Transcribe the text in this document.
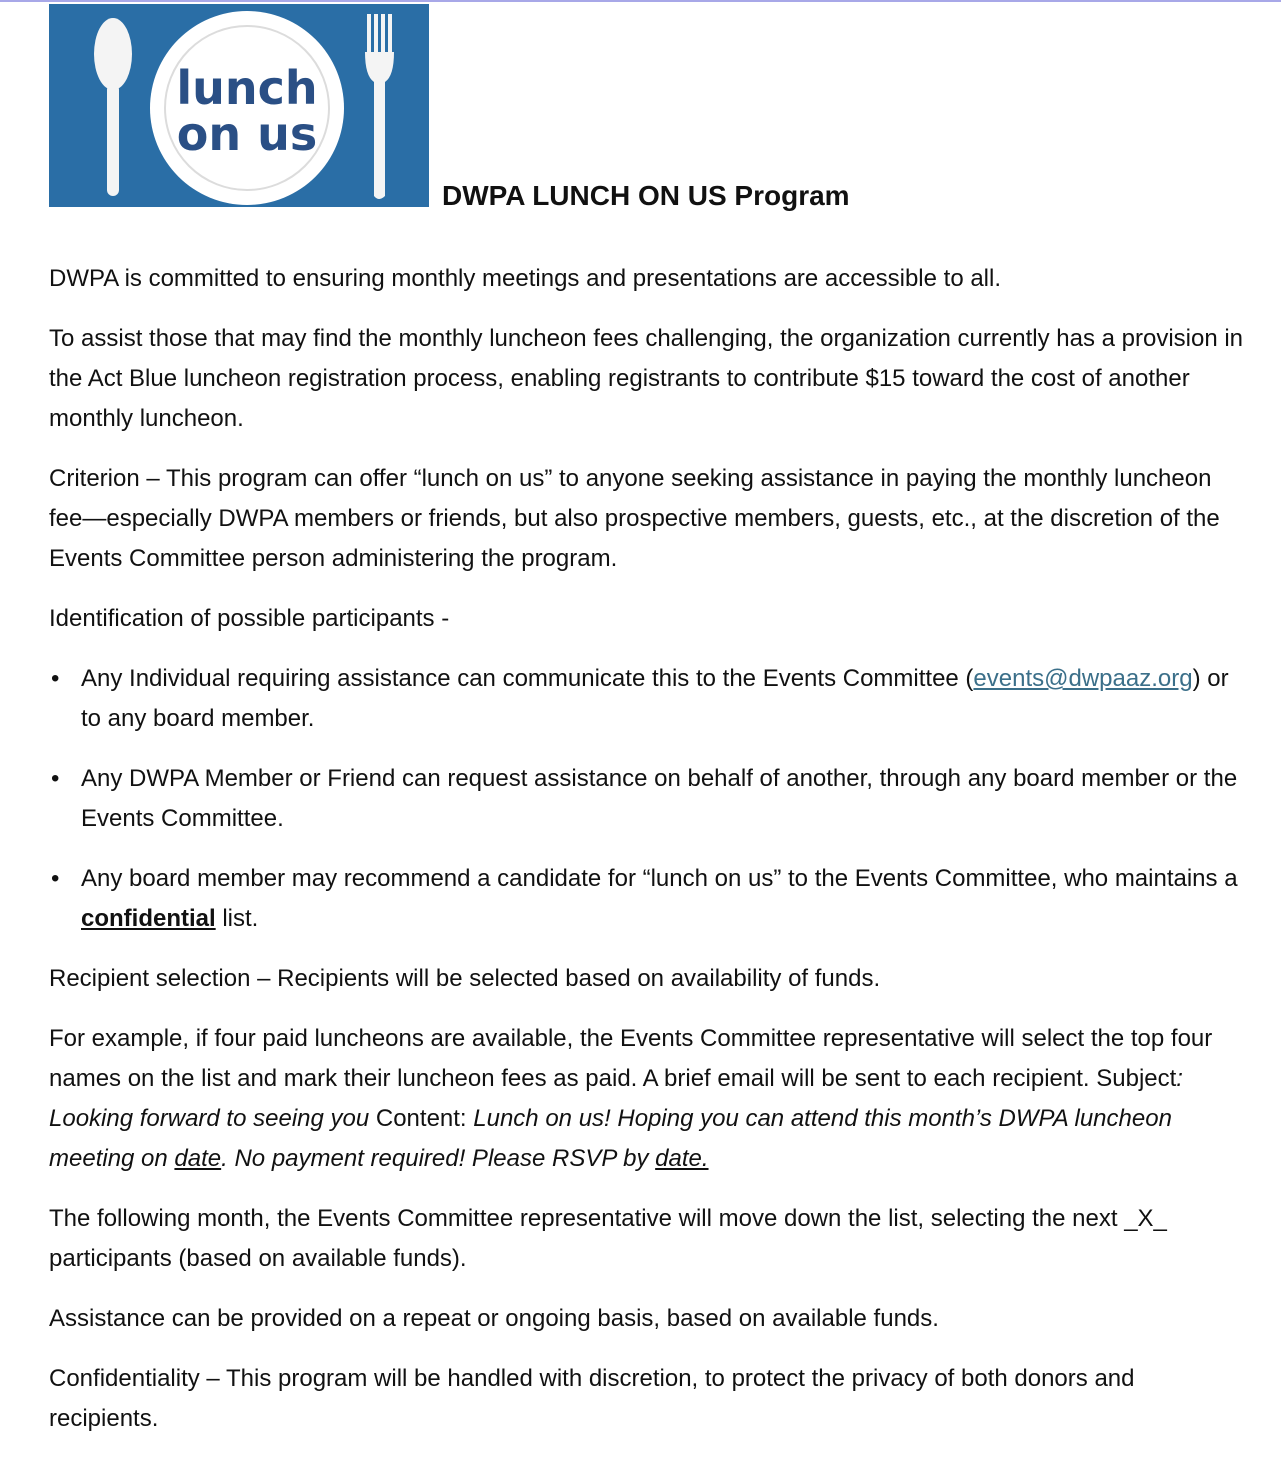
lunch
on us
DWPA LUNCH ON US Program

DWPA is committed to ensuring monthly meetings and presentations are accessible to all.

To assist those that may find the monthly luncheon fees challenging, the organization currently has a provision in the Act Blue luncheon registration process, enabling registrants to contribute $15 toward the cost of another monthly luncheon.

Criterion – This program can offer “lunch on us” to anyone seeking assistance in paying the monthly luncheon fee—especially DWPA members or friends, but also prospective members, guests, etc., at the discretion of the Events Committee person administering the program.

Identification of possible participants -

• Any Individual requiring assistance can communicate this to the Events Committee (events@dwpaaz.org) or to any board member.
• Any DWPA Member or Friend can request assistance on behalf of another, through any board member or the Events Committee.
• Any board member may recommend a candidate for “lunch on us” to the Events Committee, who maintains a confidential list.

Recipient selection – Recipients will be selected based on availability of funds.

For example, if four paid luncheons are available, the Events Committee representative will select the top four names on the list and mark their luncheon fees as paid. A brief email will be sent to each recipient. Subject: Looking forward to seeing you Content: Lunch on us! Hoping you can attend this month’s DWPA luncheon meeting on date. No payment required! Please RSVP by date.

The following month, the Events Committee representative will move down the list, selecting the next _X_ participants (based on available funds).

Assistance can be provided on a repeat or ongoing basis, based on available funds.

Confidentiality – This program will be handled with discretion, to protect the privacy of both donors and recipients.
